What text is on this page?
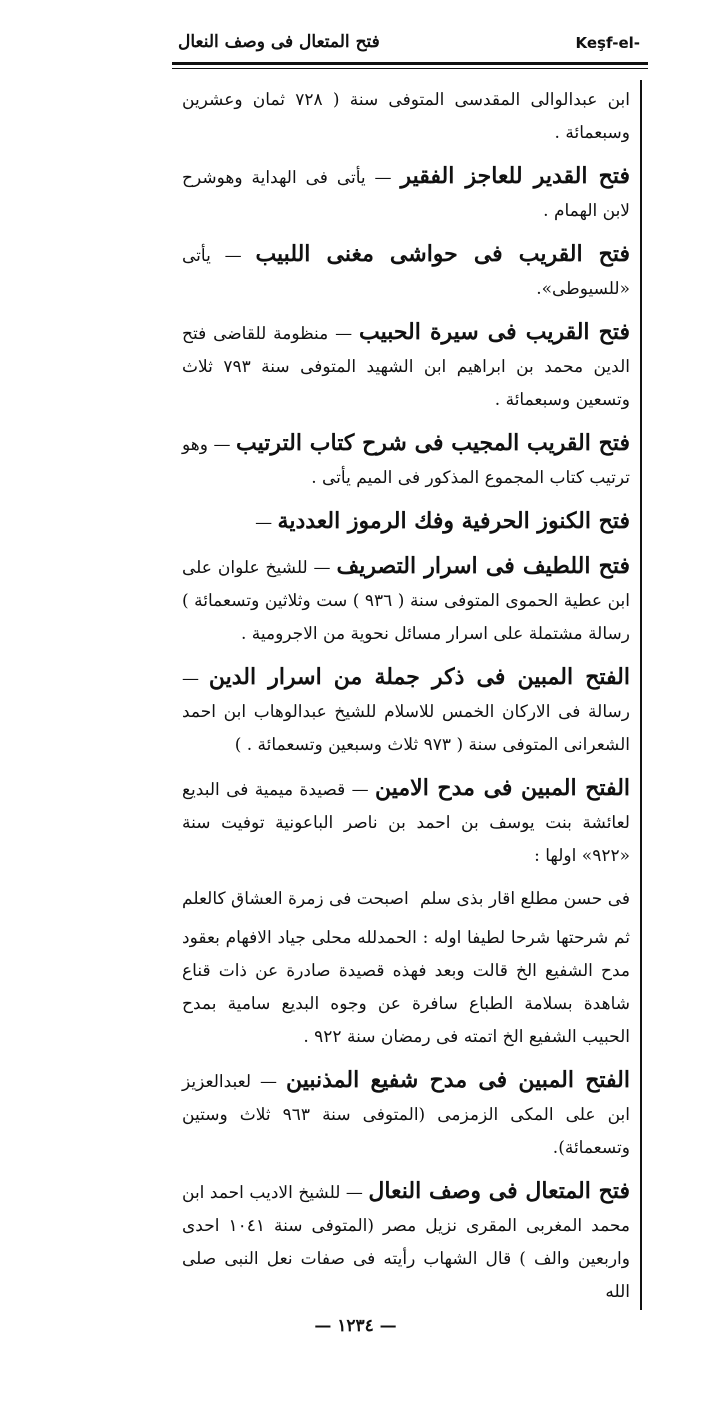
فتح المتعال فى وصف النعال	Keşf-el-

ابن عبدالوالى المقدسى المتوفى سنة ( ٧٢٨ ثمان وعشرين وسبعمائة .

فتح القدير للعاجز الفقير — يأتى فى الهداية وهوشرح لابن الهمام .

فتح القريب فى حواشى مغنى اللبيب — يأتى «للسيوطى».

فتح القريب فى سيرة الحبيب — منظومة للقاضى فتح الدين محمد بن ابراهيم ابن الشهيد المتوفى سنة ٧٩٣ ثلاث وتسعين وسبعمائة .

فتح القريب المجيب فى شرح كتاب الترتيب — وهو ترتيب كتاب المجموع المذكور فى الميم يأتى .

فتح الكنوز الحرفية وفك الرموز العددية —

فتح اللطيف فى اسرار التصريف — للشيخ علوان على ابن عطية الحموى المتوفى سنة ( ٩٣٦ ) ست وثلاثين وتسعمائة ) رسالة مشتملة على اسرار مسائل نحوية من الاجرومية .

الفتح المبين فى ذكر جملة من اسرار الدين — رسالة فى الاركان الخمس للاسلام للشيخ عبدالوهاب ابن احمد الشعرانى المتوفى سنة ( ٩٧٣ ثلاث وسبعين وتسعمائة . )

الفتح المبين فى مدح الامين — قصيدة ميمية فى البديع لعائشة بنت يوسف بن احمد بن ناصر الباعونية توفيت سنة «٩٢٢» اولها :

فى حسن مطلع اقار بذى سلم
اصبحت فى زمرة العشاق كالعلم

ثم شرحتها شرحا لطيفا اوله : الحمدلله محلى جياد الافهام بعقود مدح الشفيع الخ قالت وبعد فهذه قصيدة صادرة عن ذات قناع شاهدة بسلامة الطباع سافرة عن وجوه البديع سامية بمدح الحبيب الشفيع الخ اتمته فى رمضان سنة ٩٢٢ .

الفتح المبين فى مدح شفيع المذنبين — لعبدالعزيز ابن على المكى الزمزمى (المتوفى سنة ٩٦٣ ثلاث وستين وتسعمائة).

فتح المتعال فى وصف النعال — للشيخ الاديب احمد ابن محمد المغربى المقرى نزيل مصر (المتوفى سنة ١٠٤١ احدى واربعين والف ) قال الشهاب رأيته فى صفات نعل النبى صلى الله

— ١٢٣٤ —
